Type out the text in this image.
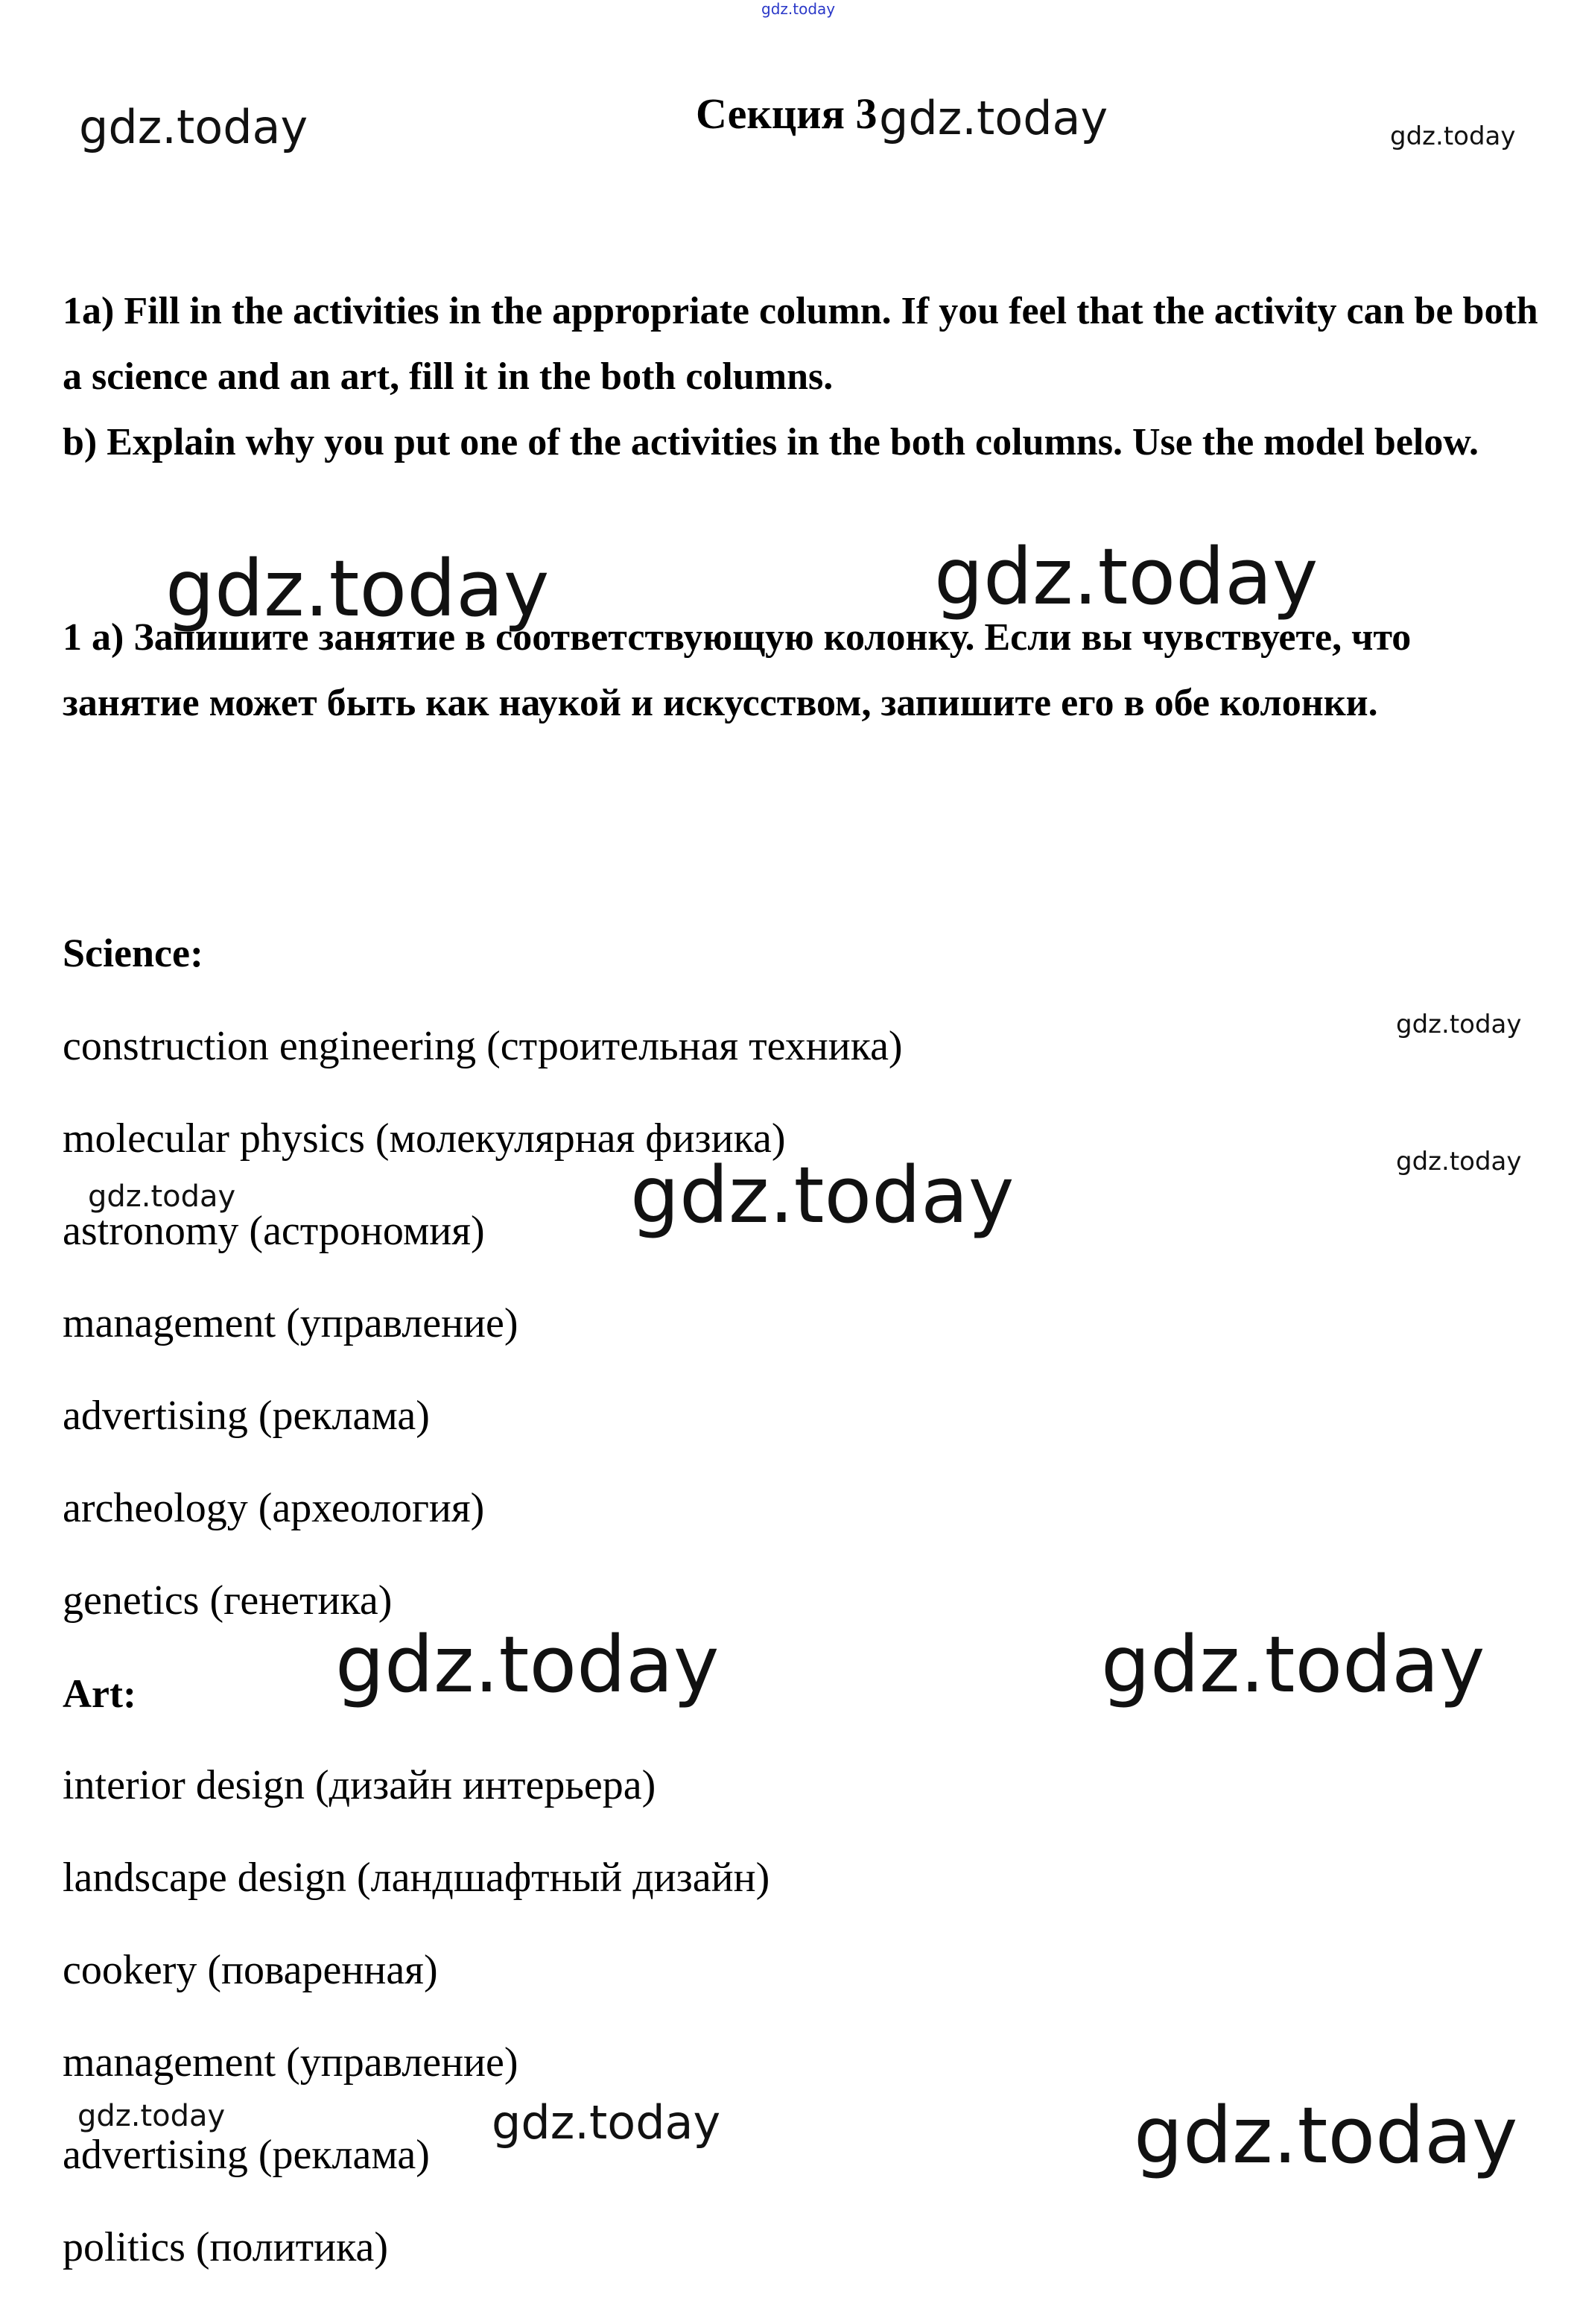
gdz.today
gdz.today	gdz.today	gdz.today
gdz.today	gdz.today
gdz.today
gdz.today
gdz.today	gdz.today
gdz.today	gdz.today
gdz.today	gdz.today	gdz.today
Секция 3

1a) Fill in the activities in the appropriate column. If you feel that the activity can be both a science and an art, fill it in the both columns.

b) Explain why you put one of the activities in the both columns. Use the model below.

1 a) Запишите занятие в соответствующую колонку. Если вы чувствуете, что занятие может быть как наукой и искусством, запишите его в обе колонки.

Science:
construction engineering (строительная техника)
molecular physics (молекулярная физика)
astronomy (астрономия)
management (управление)
advertising (реклама)
archeology (археология)
genetics (генетика)
Art:
interior design (дизайн интерьера)
landscape design (ландшафтный дизайн)
cookery (поваренная)
management (управление)
advertising (реклама)
politics (политика)
